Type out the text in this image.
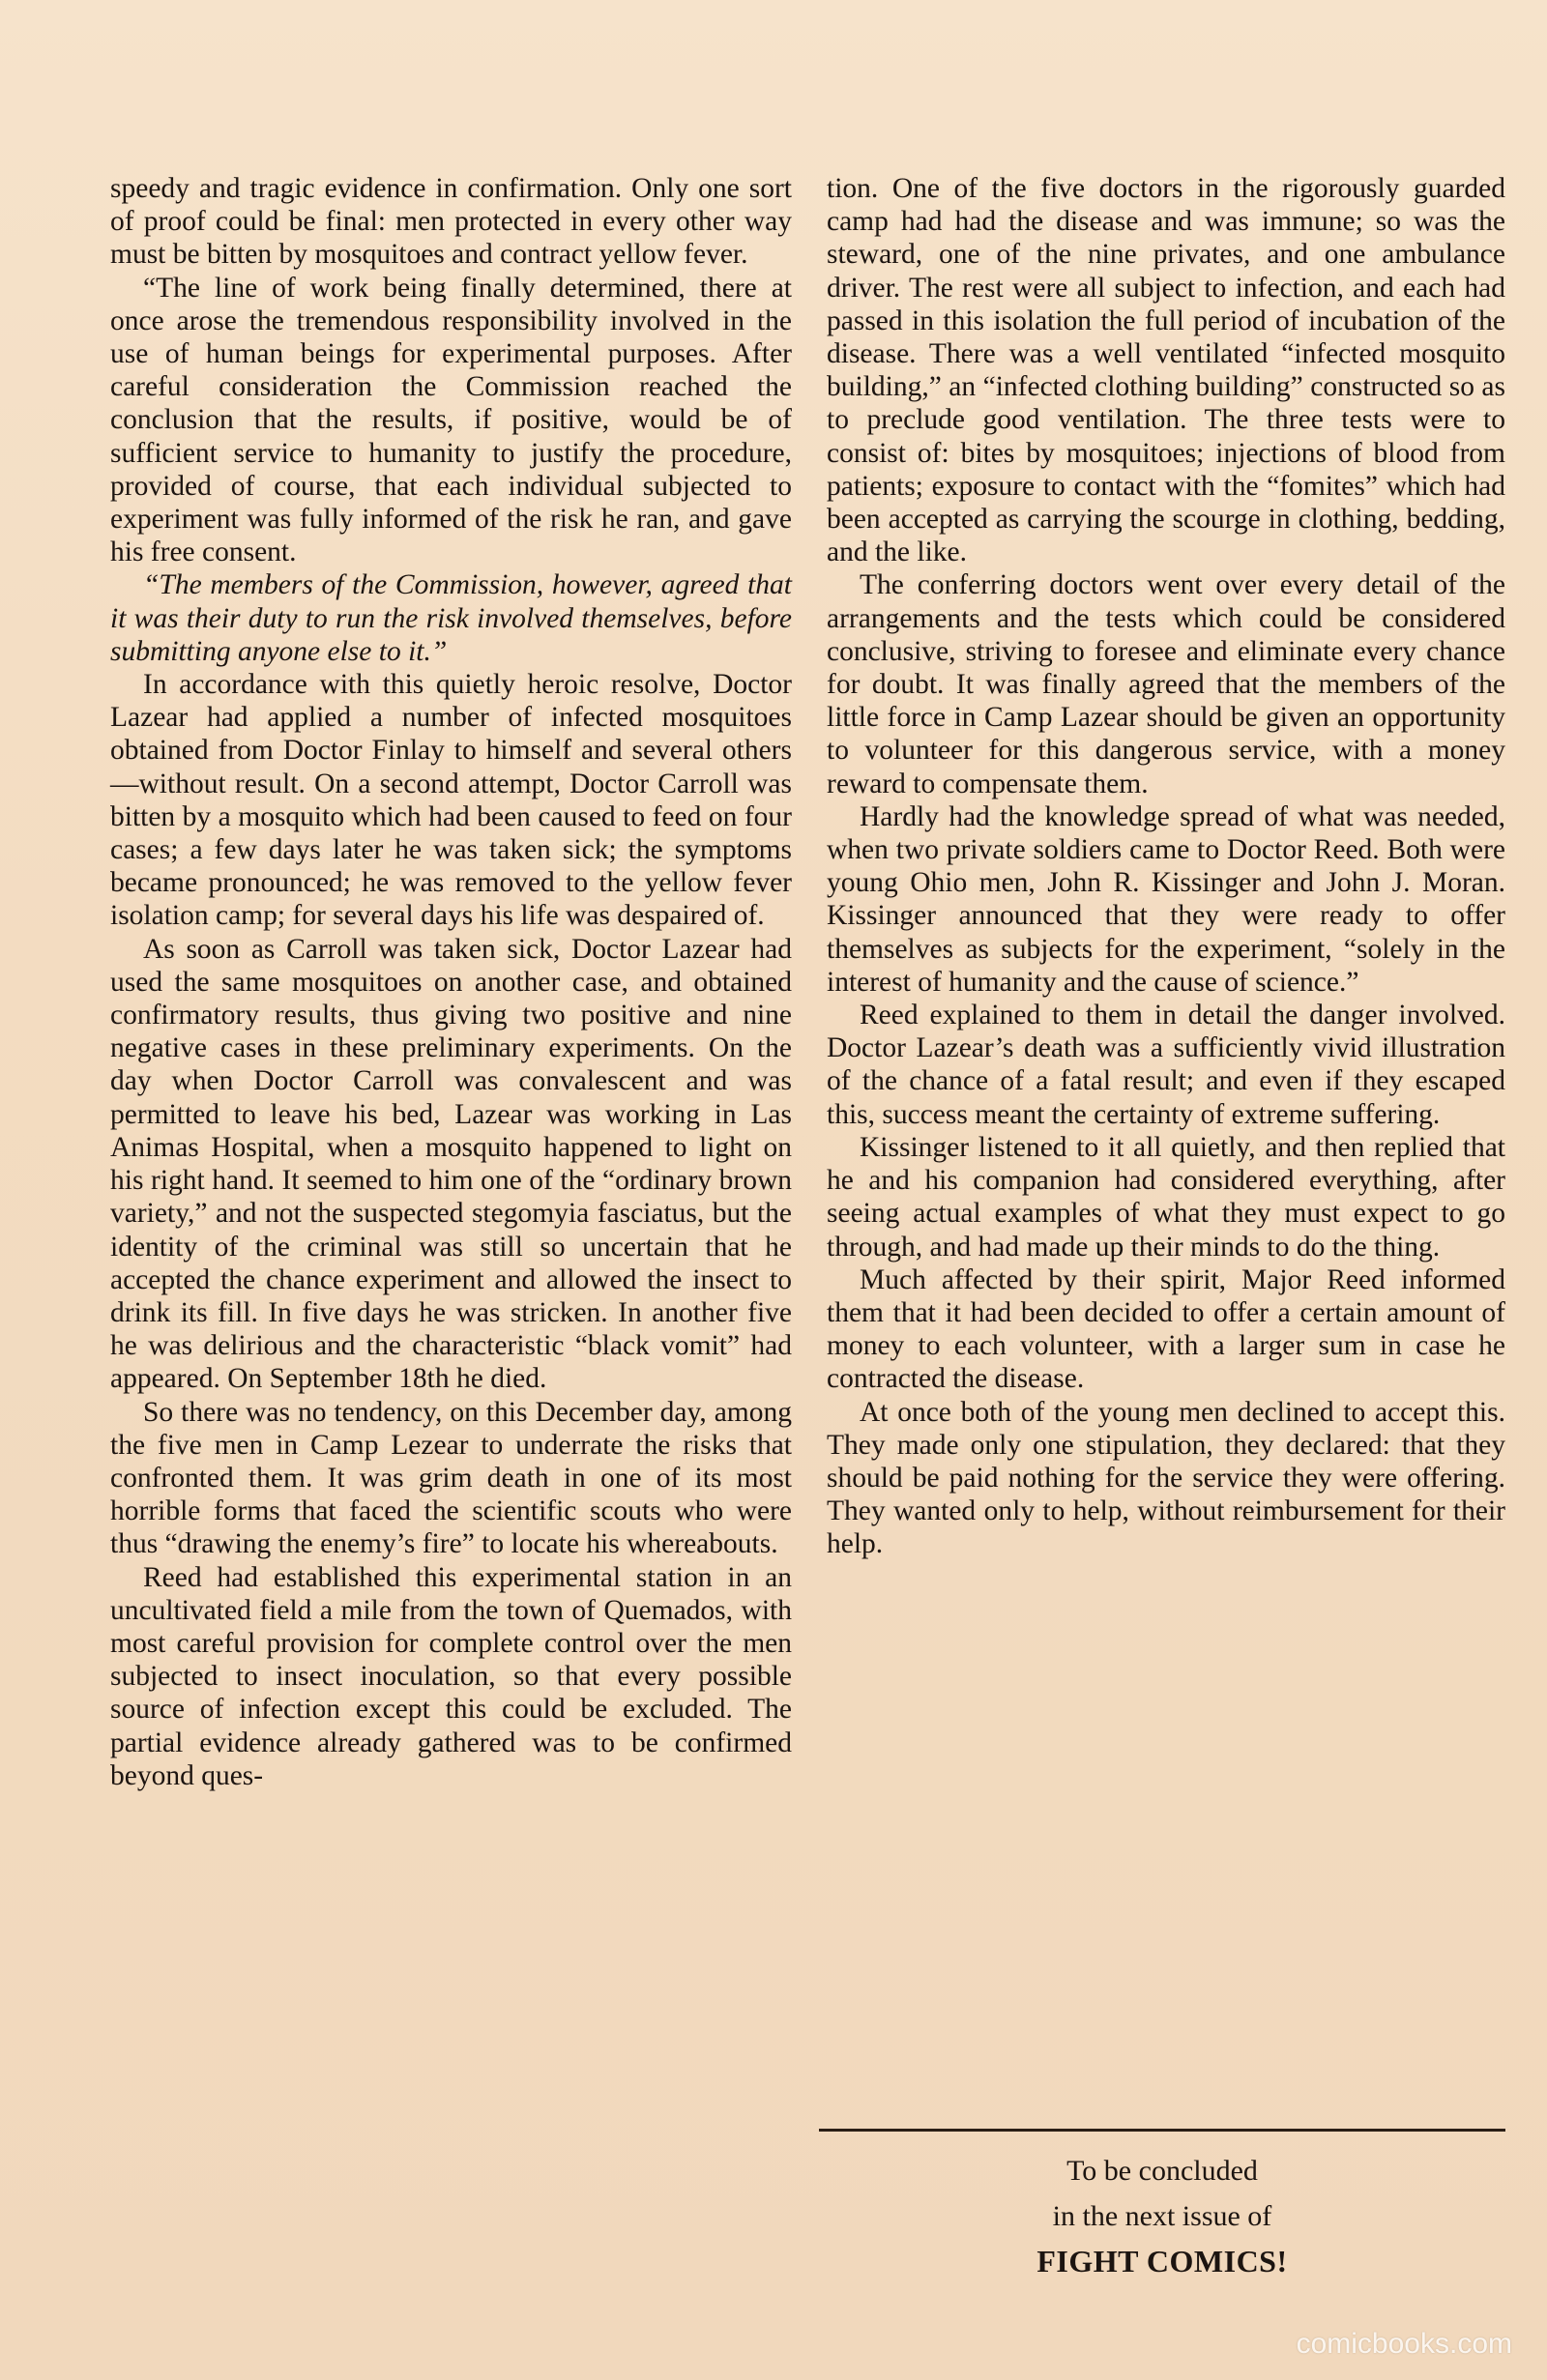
speedy and tragic evidence in confirmation. Only one sort of proof could be final: men protected in every other way must be bitten by mosquitoes and contract yellow fever.

“The line of work being finally determined, there at once arose the tremendous responsibility involved in the use of human beings for experimental purposes. After careful consideration the Commission reached the conclusion that the results, if positive, would be of sufficient service to humanity to justify the procedure, provided of course, that each individual subjected to experiment was fully informed of the risk he ran, and gave his free consent.

“The members of the Commission, however, agreed that it was their duty to run the risk involved themselves, before submitting anyone else to it.”

In accordance with this quietly heroic resolve, Doctor Lazear had applied a number of infected mosquitoes obtained from Doctor Finlay to himself and several others—without result. On a second attempt, Doctor Carroll was bitten by a mosquito which had been caused to feed on four cases; a few days later he was taken sick; the symptoms became pronounced; he was removed to the yellow fever isolation camp; for several days his life was despaired of.

As soon as Carroll was taken sick, Doctor Lazear had used the same mosquitoes on another case, and obtained confirmatory results, thus giving two positive and nine negative cases in these preliminary experiments. On the day when Doctor Carroll was convalescent and was permitted to leave his bed, Lazear was working in Las Animas Hospital, when a mosquito happened to light on his right hand. It seemed to him one of the “ordinary brown variety,” and not the suspected stegomyia fasciatus, but the identity of the criminal was still so uncertain that he accepted the chance experiment and allowed the insect to drink its fill. In five days he was stricken. In another five he was delirious and the characteristic “black vomit” had appeared. On September 18th he died.

So there was no tendency, on this December day, among the five men in Camp Lezear to underrate the risks that confronted them. It was grim death in one of its most horrible forms that faced the scientific scouts who were thus “drawing the enemy’s fire” to locate his whereabouts.

Reed had established this experimental station in an uncultivated field a mile from the town of Quemados, with most careful provision for complete control over the men subjected to insect inoculation, so that every possible source of infection except this could be excluded. The partial evidence already gathered was to be confirmed beyond ques-

tion. One of the five doctors in the rigorously guarded camp had had the disease and was immune; so was the steward, one of the nine privates, and one ambulance driver. The rest were all subject to infection, and each had passed in this isolation the full period of incubation of the disease. There was a well ventilated “infected mosquito building,” an “infected clothing building” constructed so as to preclude good ventilation. The three tests were to consist of: bites by mosquitoes; injections of blood from patients; exposure to contact with the “fomites” which had been accepted as carrying the scourge in clothing, bedding, and the like.

The conferring doctors went over every detail of the arrangements and the tests which could be considered conclusive, striving to foresee and eliminate every chance for doubt. It was finally agreed that the members of the little force in Camp Lazear should be given an opportunity to volunteer for this dangerous service, with a money reward to compensate them.

Hardly had the knowledge spread of what was needed, when two private soldiers came to Doctor Reed. Both were young Ohio men, John R. Kissinger and John J. Moran. Kissinger announced that they were ready to offer themselves as subjects for the experiment, “solely in the interest of humanity and the cause of science.”

Reed explained to them in detail the danger involved. Doctor Lazear’s death was a sufficiently vivid illustration of the chance of a fatal result; and even if they escaped this, success meant the certainty of extreme suffering.

Kissinger listened to it all quietly, and then replied that he and his companion had considered everything, after seeing actual examples of what they must expect to go through, and had made up their minds to do the thing.

Much affected by their spirit, Major Reed informed them that it had been decided to offer a certain amount of money to each volunteer, with a larger sum in case he contracted the disease.

At once both of the young men declined to accept this. They made only one stipulation, they declared: that they should be paid nothing for the service they were offering. They wanted only to help, without reimbursement for their help.

To be concluded
in the next issue of
FIGHT COMICS!
comicbooks.com
